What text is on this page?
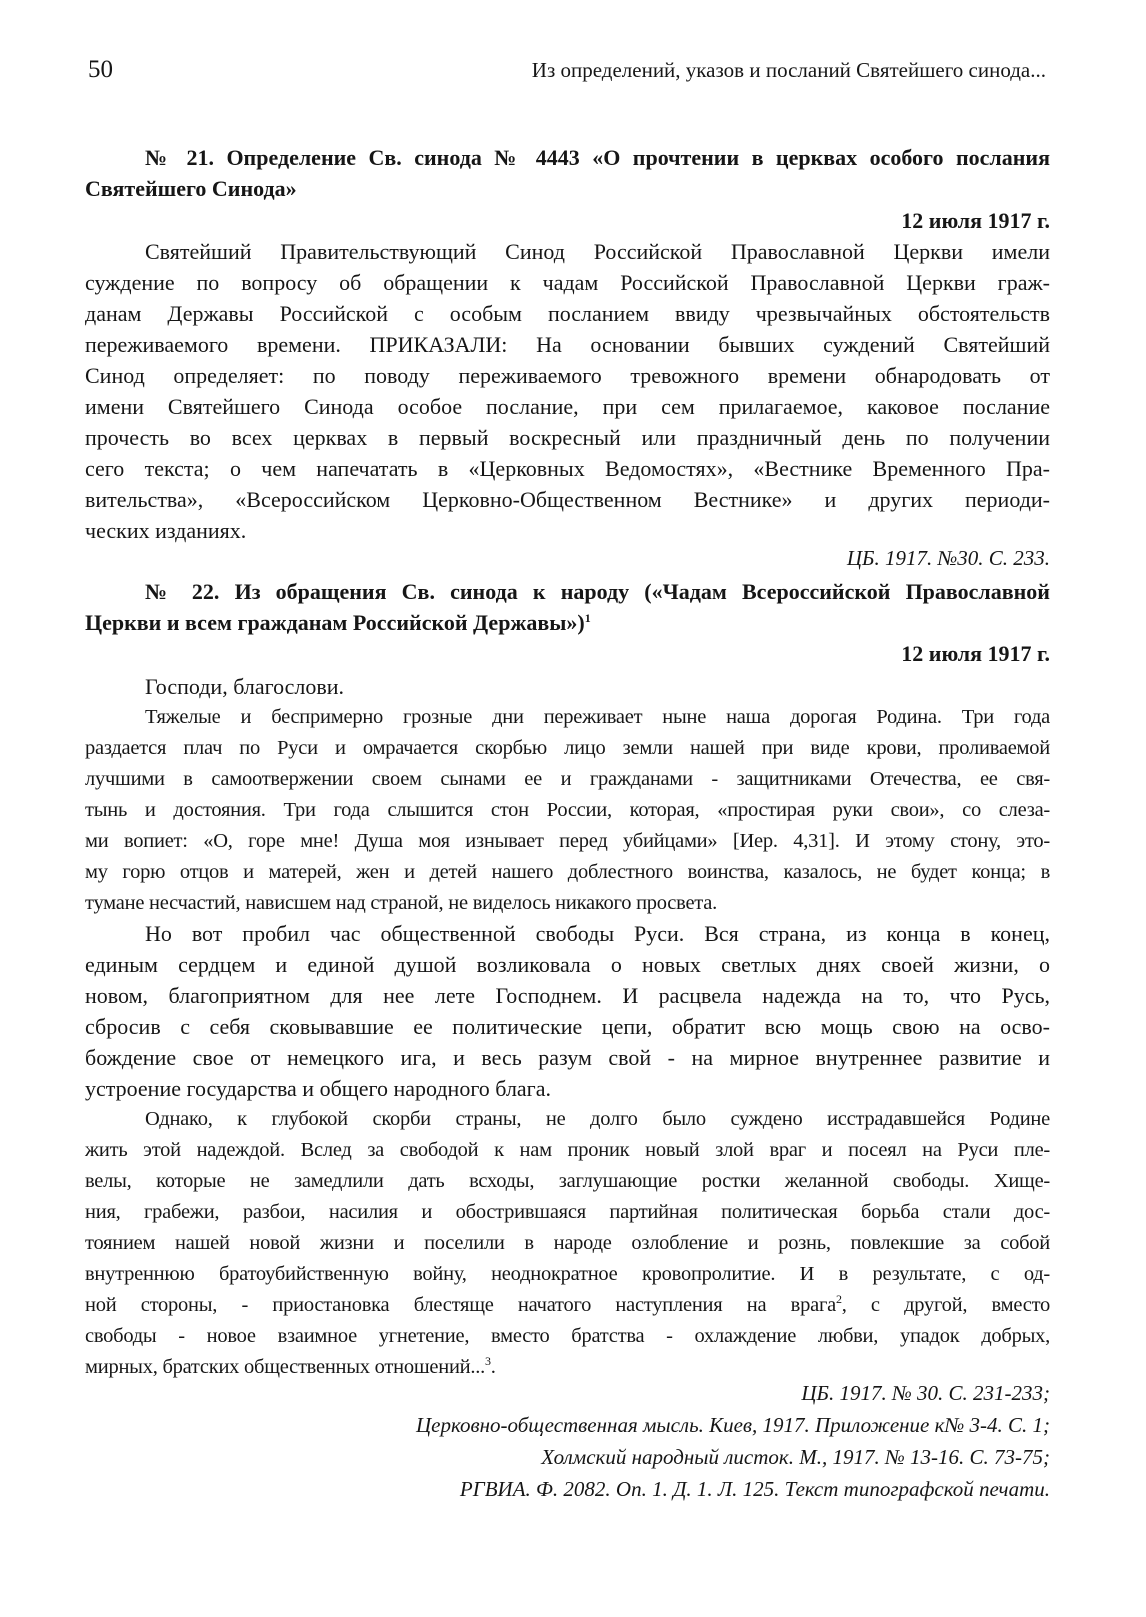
50	Из определений, указов и посланий Святейшего синода...
№ 21. Определение Св. синода № 4443 «О прочтении в церквах особого послания
Святейшего Синода»
12 июля 1917 г.
Святейший Правительствующий Синод Российской Православной Церкви имели
суждение по вопросу об обращении к чадам Российской Православной Церкви граж-
данам Державы Российской с особым посланием ввиду чрезвычайных обстоятельств
переживаемого времени. ПРИКАЗАЛИ: На основании бывших суждений Святейший
Синод определяет: по поводу переживаемого тревожного времени обнародовать от
имени Святейшего Синода особое послание, при сем прилагаемое, каковое послание
прочесть во всех церквах в первый воскресный или праздничный день по получении
сего текста; о чем напечатать в «Церковных Ведомостях», «Вестнике Временного Пра-
вительства», «Всероссийском Церковно-Общественном Вестнике» и других периоди-
ческих изданиях.
ЦБ. 1917. №30. С. 233.
№ 22. Из обращения Св. синода к народу («Чадам Всероссийской Православной
Церкви и всем гражданам Российской Державы»)$^1$
12 июля 1917 г.
Господи, благослови.
Тяжелые и беспримерно грозные дни переживает ныне наша дорогая Родина. Три года
раздается плач по Руси и омрачается скорбью лицо земли нашей при виде крови, проливаемой
лучшими в самоотвержении своем сынами ее и гражданами - защитниками Отечества, ее свя-
тынь и достояния. Три года слышится стон России, которая, «простирая руки свои», со слеза-
ми вопиет: «О, горе мне! Душа моя изнывает перед убийцами» [Иер. 4,31]. И этому стону, это-
му горю отцов и матерей, жен и детей нашего доблестного воинства, казалось, не будет конца; в
тумане несчастий, нависшем над страной, не виделось никакого просвета.
Но вот пробил час общественной свободы Руси. Вся страна, из конца в конец,
единым сердцем и единой душой возликовала о новых светлых днях своей жизни, о
новом, благоприятном для нее лете Господнем. И расцвела надежда на то, что Русь,
сбросив с себя сковывавшие ее политические цепи, обратит всю мощь свою на осво-
бождение свое от немецкого ига, и весь разум свой - на мирное внутреннее развитие и
устроение государства и общего народного блага.
Однако, к глубокой скорби страны, не долго было суждено исстрадавшейся Родине
жить этой надеждой. Вслед за свободой к нам проник новый злой враг и посеял на Руси пле-
велы, которые не замедлили дать всходы, заглушающие ростки желанной свободы. Хище-
ния, грабежи, разбои, насилия и обострившаяся партийная политическая борьба стали дос-
тоянием нашей новой жизни и поселили в народе озлобление и рознь, повлекшие за собой
внутреннюю братоубийственную войну, неоднократное кровопролитие. И в результате, с од-
ной стороны, - приостановка блестяще начатого наступления на врага$^2$, с другой, вместо
свободы - новое взаимное угнетение, вместо братства - охлаждение любви, упадок добрых,
мирных, братских общественных отношений...$^3$.
ЦБ. 1917. № 30. С. 231-233;
Церковно-общественная мысль. Киев, 1917. Приложение к№ 3-4. С. 1;
Холмский народный листок. М., 1917. № 13-16. С. 73-75;
РГВИА. Ф. 2082. Оп. 1. Д. 1. Л. 125. Текст типографской печати.
